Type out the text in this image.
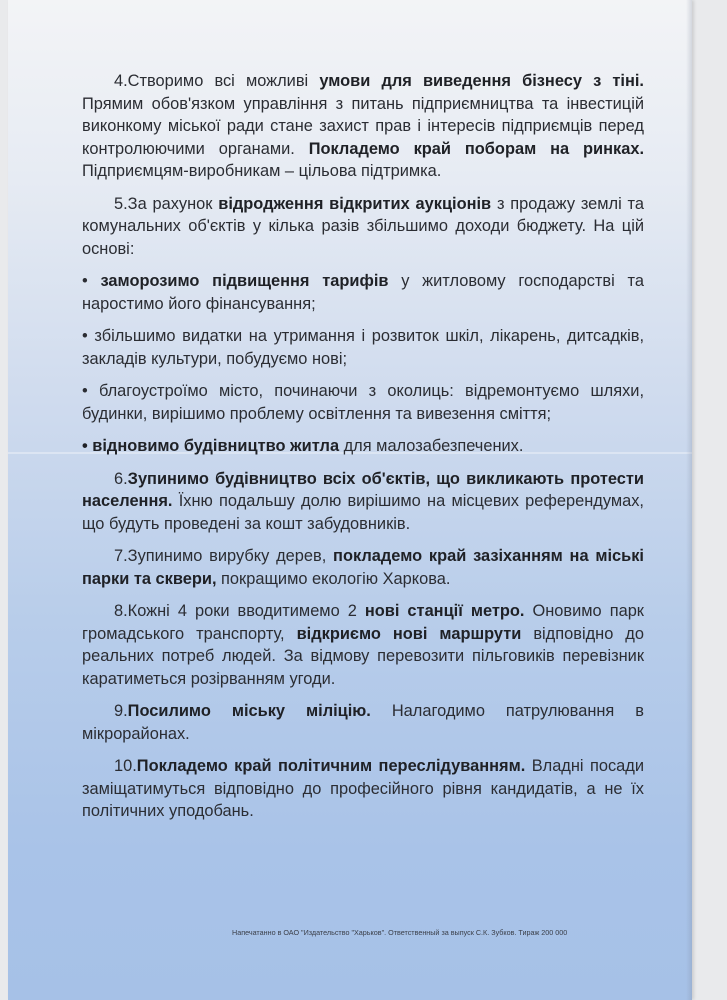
4.Створимо всі можливі умови для виведення бізнесу з тіні. Прямим обов'язком управління з питань підприємництва та інвестицій виконкому міської ради стане захист прав і інтересів підприємців перед контролюючими органами. Покладемо край поборам на ринках. Підприємцям-виробникам – цільова підтримка.

5.За рахунок відродження відкритих аукціонів з продажу землі та комунальних об'єктів у кілька разів збільшимо доходи бюджету. На цій основі:

• заморозимо підвищення тарифів у житловому господарстві та наростимо його фінансування;

• збільшимо видатки на утримання і розвиток шкіл, лікарень, дитсадків, закладів культури, побудуємо нові;

• благоустроїмо місто, починаючи з околиць: відремонтуємо шляхи, будинки, вирішимо проблему освітлення та вивезення сміття;

• відновимо будівництво житла для малозабезпечених.

6.Зупинимо будівництво всіх об'єктів, що викликають протести населення. Їхню подальшу долю вирішимо на місцевих референдумах, що будуть проведені за кошт забудовників.

7.Зупинимо вирубку дерев, покладемо край зазіханням на міські парки та сквери, покращимо екологію Харкова.

8.Кожні 4 роки вводитимемо 2 нові станції метро. Оновимо парк громадського транспорту, відкриємо нові маршрути відповідно до реальних потреб людей. За відмову перевозити пільговиків перевізник каратиметься розірванням угоди.

9.Посилимо міську міліцію. Налагодимо патрулювання в мікрорайонах.

10.Покладемо край політичним переслідуванням. Владні посади заміщатимуться відповідно до професійного рівня кандидатів, а не їх політичних уподобань.

Напечатанно в ОАО "Издательство "Харьков". Ответственный за выпуск С.К. Зубков. Тираж 200 000
